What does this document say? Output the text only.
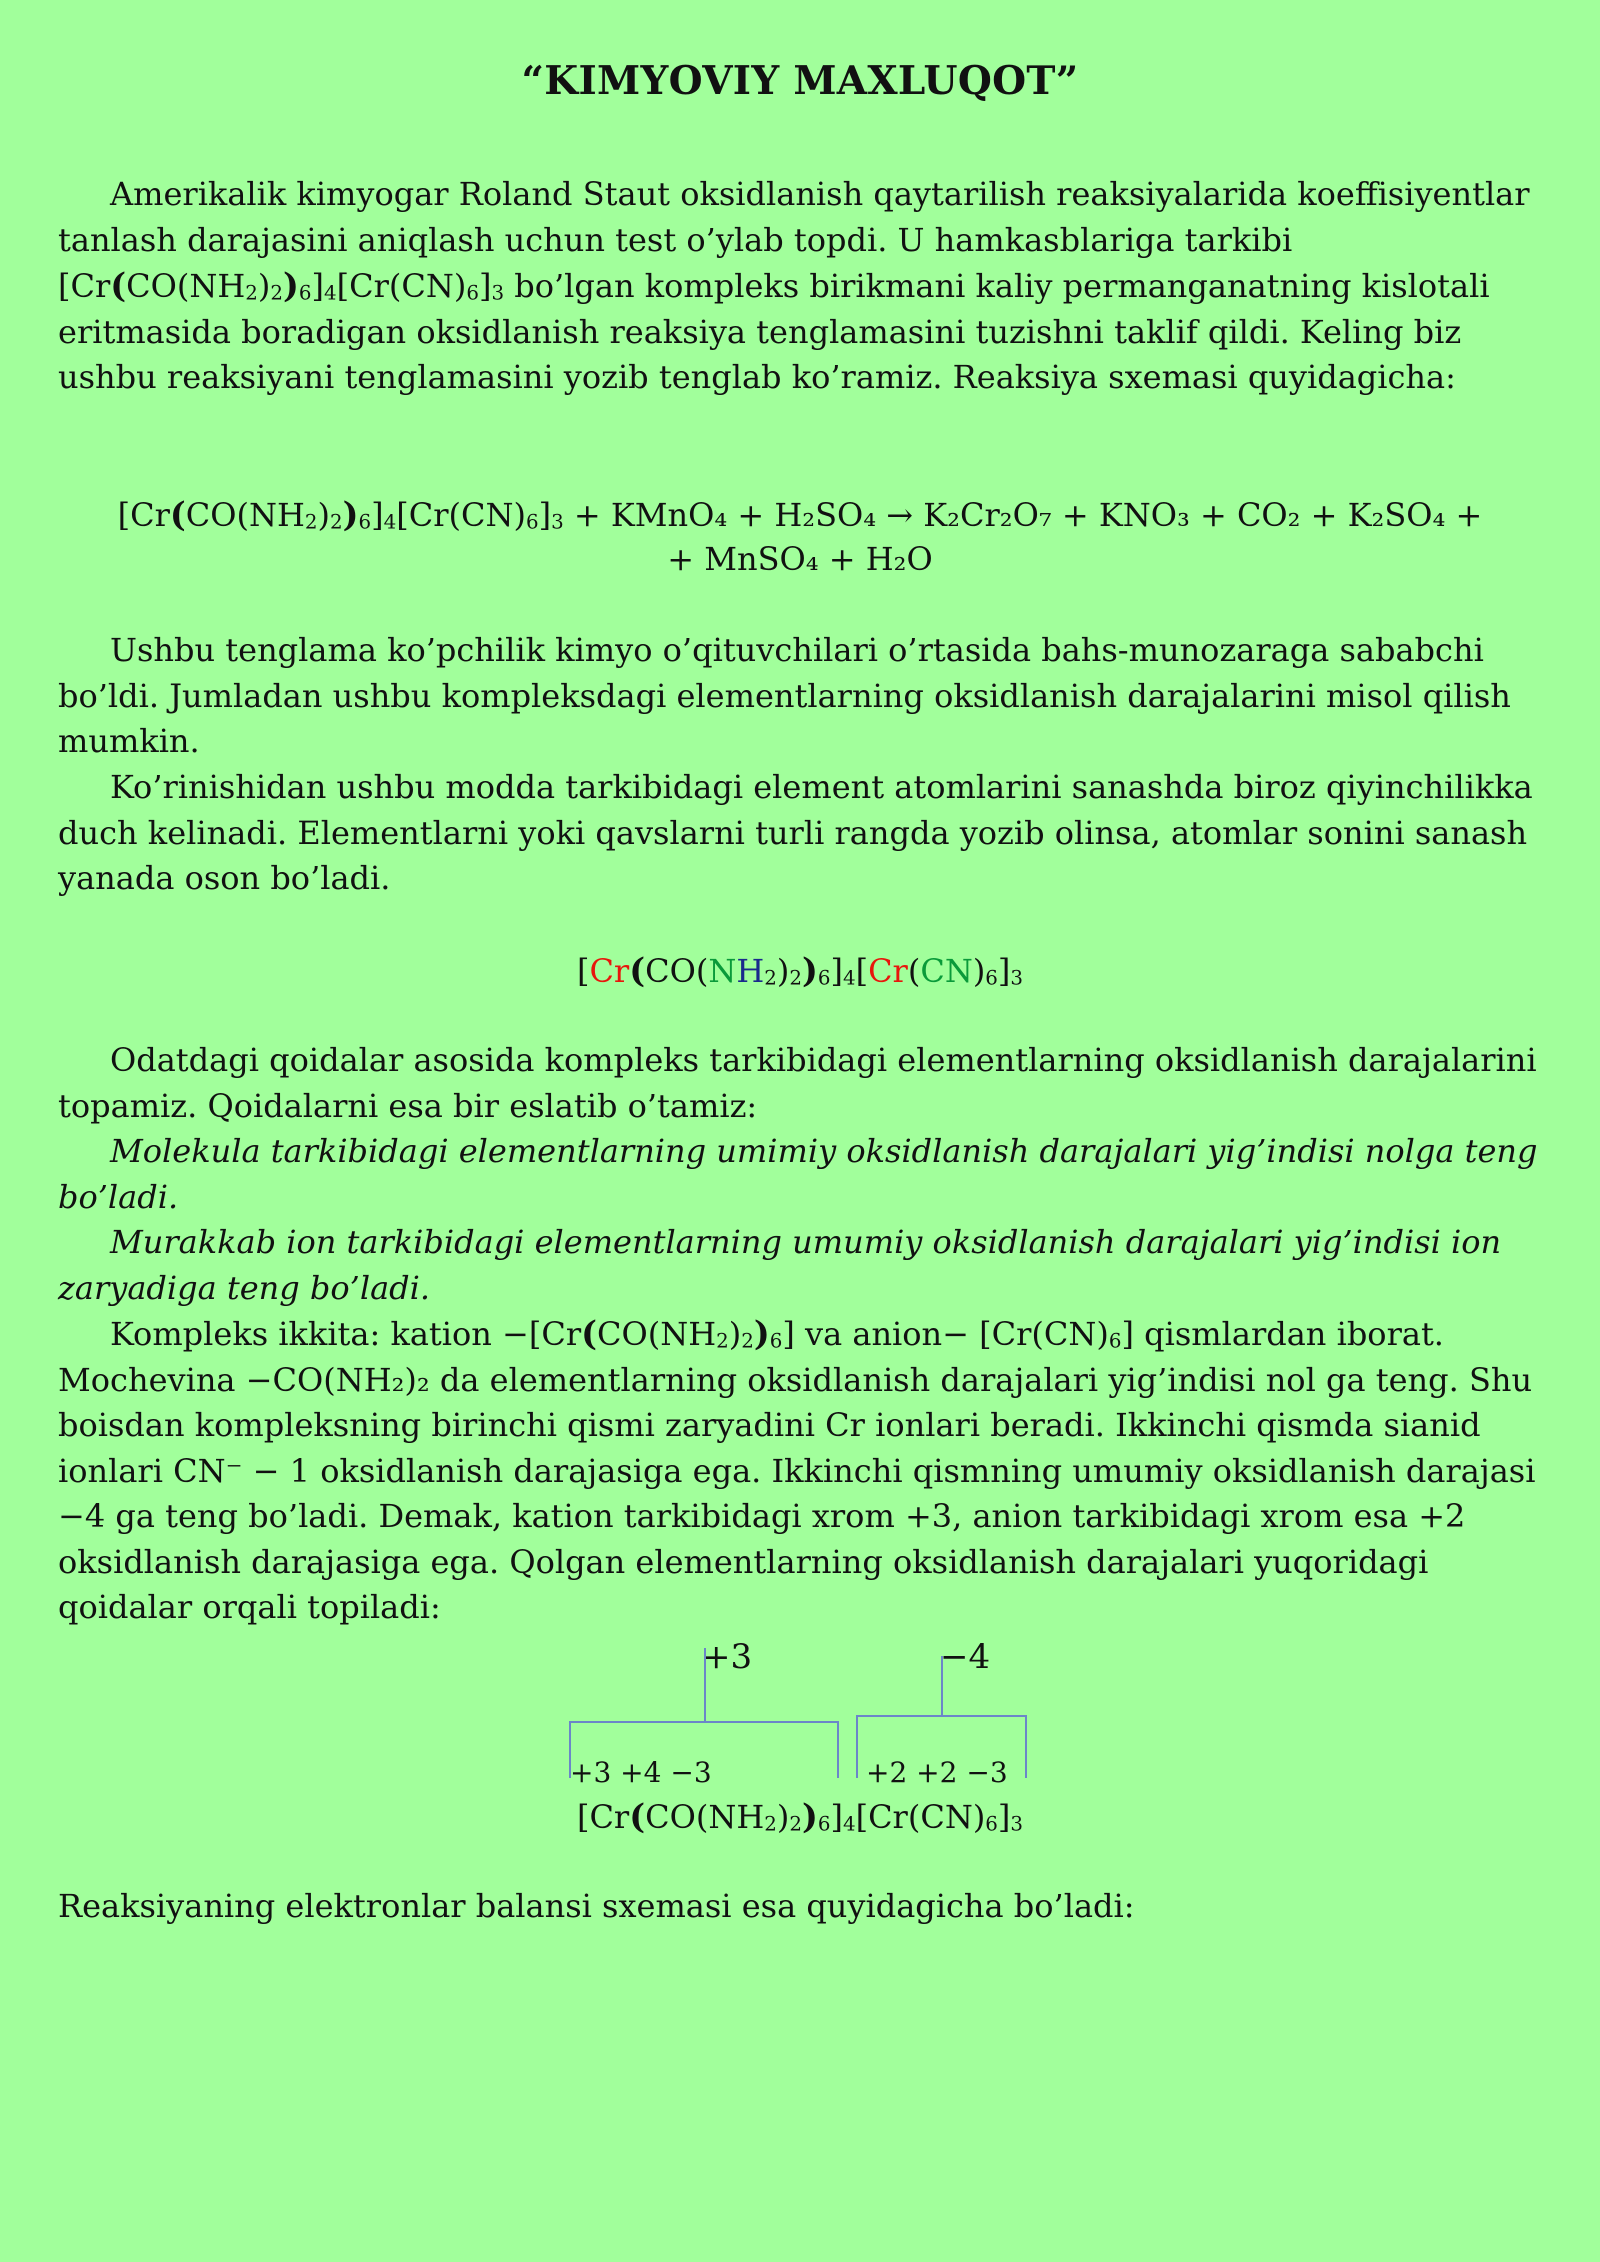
“KIMYOVIY MAXLUQOT”

Amerikalik kimyogar Roland Staut oksidlanish qaytarilish reaksiyalarida koeffisiyentlar tanlash darajasini aniqlash uchun test o’ylab topdi. U hamkasblariga tarkibi   $[Cr(CO(NH_2)_2)_6]_4[Cr(CN)_6]_3$ bo’lgan kompleks birikmani kaliy permanganatning kislotali eritmasida boradigan oksidlanish reaksiya tenglamasini tuzishni taklif qildi. Keling biz ushbu reaksiyani tenglamasini yozib tenglab ko’ramiz. Reaksiya sxemasi quyidagicha:

$[Cr(CO(NH_2)_2)_6]_4[Cr(CN)_6]_3$ + KMnO₄ + H₂SO₄ → K₂Cr₂O₇ + KNO₃ + CO₂ + K₂SO₄ +

+ MnSO₄ + H₂O

Ushbu tenglama ko’pchilik kimyo o’qituvchilari o’rtasida bahs-munozaraga sababchi bo’ldi. Jumladan ushbu kompleksdagi elementlarning oksidlanish darajalarini misol qilish mumkin.

Ko’rinishidan ushbu modda tarkibidagi element atomlarini sanashda biroz qiyinchilikka duch kelinadi. Elementlarni yoki qavslarni turli rangda yozib olinsa, atomlar sonini sanash yanada oson bo’ladi.

$[Cr(CO(NH_2)_2)_6]_4[Cr(CN)_6]_3$

Odatdagi qoidalar asosida kompleks tarkibidagi elementlarning oksidlanish darajalarini topamiz. Qoidalarni esa bir eslatib o’tamiz:

Molekula tarkibidagi elementlarning umimiy oksidlanish darajalari yig’indisi nolga teng bo’ladi.

Murakkab ion tarkibidagi elementlarning umumiy oksidlanish darajalari yig’indisi ion zaryadiga teng bo’ladi.

Kompleks ikkita: kation $-[Cr(CO(NH_2)_2)_6]$ va anion− $[Cr(CN)_6]$ qismlardan iborat. Mochevina −CO(NH₂)₂ da elementlarning oksidlanish darajalari yig’indisi nol ga teng. Shu boisdan kompleksning birinchi qismi zaryadini Cr ionlari beradi. Ikkinchi qismda sianid ionlari CN⁻ − 1 oksidlanish darajasiga ega. Ikkinchi qismning umumiy oksidlanish darajasi −4 ga teng bo’ladi. Demak, kation tarkibidagi xrom +3, anion tarkibidagi xrom esa +2 oksidlanish darajasiga ega. Qolgan elementlarning oksidlanish darajalari yuqoridagi qoidalar orqali topiladi:

+3	−4
+3 +4 −3	+2 +2 −3

$[Cr(CO(NH_2)_2)_6]_4[Cr(CN)_6]_3$

Reaksiyaning elektronlar balansi sxemasi esa quyidagicha bo’ladi:
